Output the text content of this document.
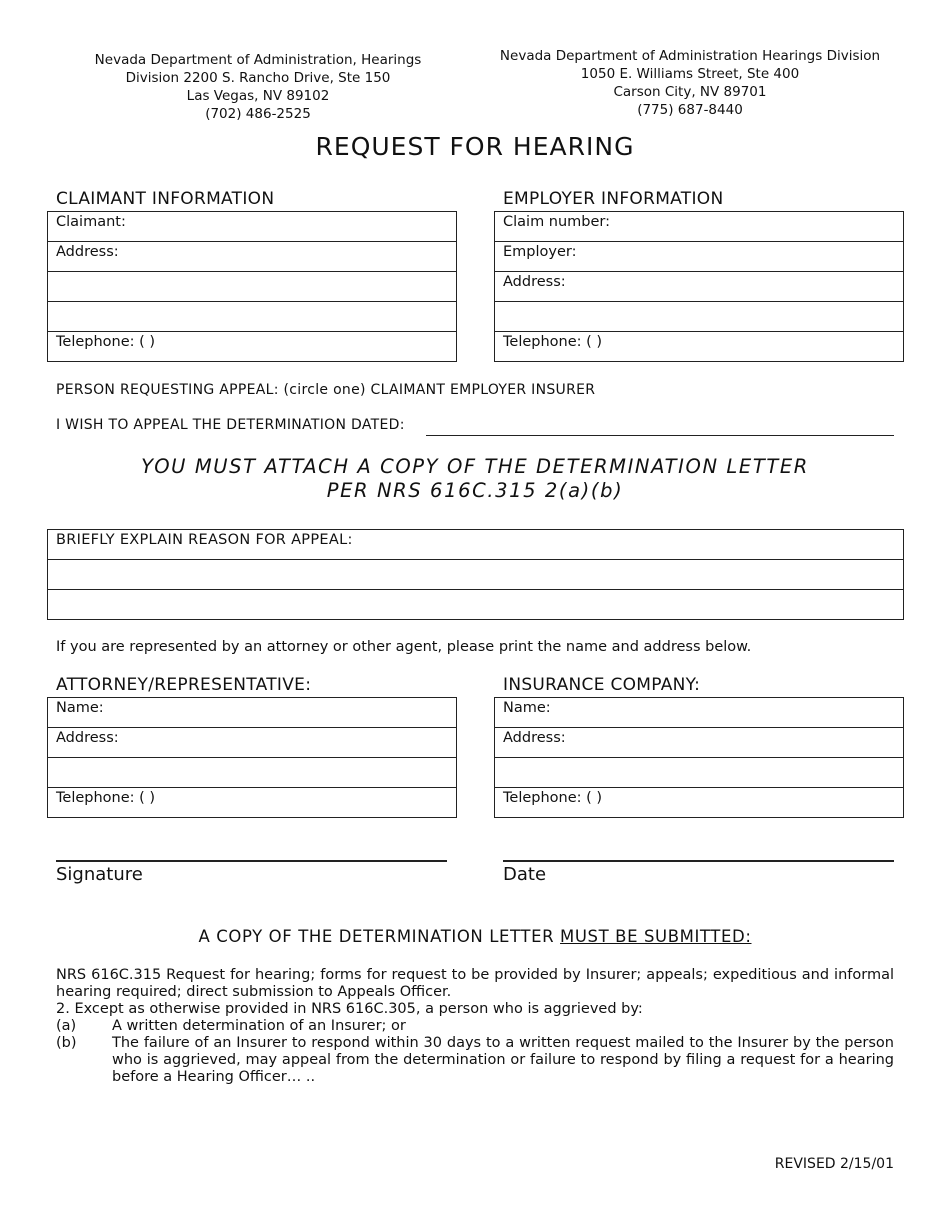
Nevada Department of Administration, Hearings
Division 2200 S. Rancho Drive, Ste 150
Las Vegas, NV 89102
(702) 486-2525
Nevada Department of Administration Hearings Division
1050 E. Williams Street, Ste 400
Carson City, NV 89701
(775) 687-8440
REQUEST FOR HEARING
CLAIMANT INFORMATION	EMPLOYER INFORMATION
Claimant:
Address:

Telephone: ( )
Claim number:
Employer:
Address:

Telephone: ( )
PERSON REQUESTING APPEAL: (circle one) CLAIMANT EMPLOYER INSURER
I WISH TO APPEAL THE DETERMINATION DATED:
YOU MUST ATTACH A COPY OF THE DETERMINATION LETTER
PER NRS 616C.315 2(a)(b)
BRIEFLY EXPLAIN REASON FOR APPEAL:

If you are represented by an attorney or other agent, please print the name and address below.
ATTORNEY/REPRESENTATIVE:	INSURANCE COMPANY:
Name:
Address:

Telephone: ( )
Name:
Address:

Telephone: ( )
Signature	Date
A COPY OF THE DETERMINATION LETTER MUST BE SUBMITTED:
NRS 616C.315 Request for hearing; forms for request to be provided by Insurer; appeals; expeditious and informal hearing required; direct submission to Appeals Officer.
2. Except as otherwise provided in NRS 616C.305, a person who is aggrieved by:
(a)	A written determination of an Insurer; or
(b)	The failure of an Insurer to respond within 30 days to a written request mailed to the Insurer by the person who is aggrieved, may appeal from the determination or failure to respond by filing a request for a hearing before a Hearing Officer… ..
REVISED 2/15/01
